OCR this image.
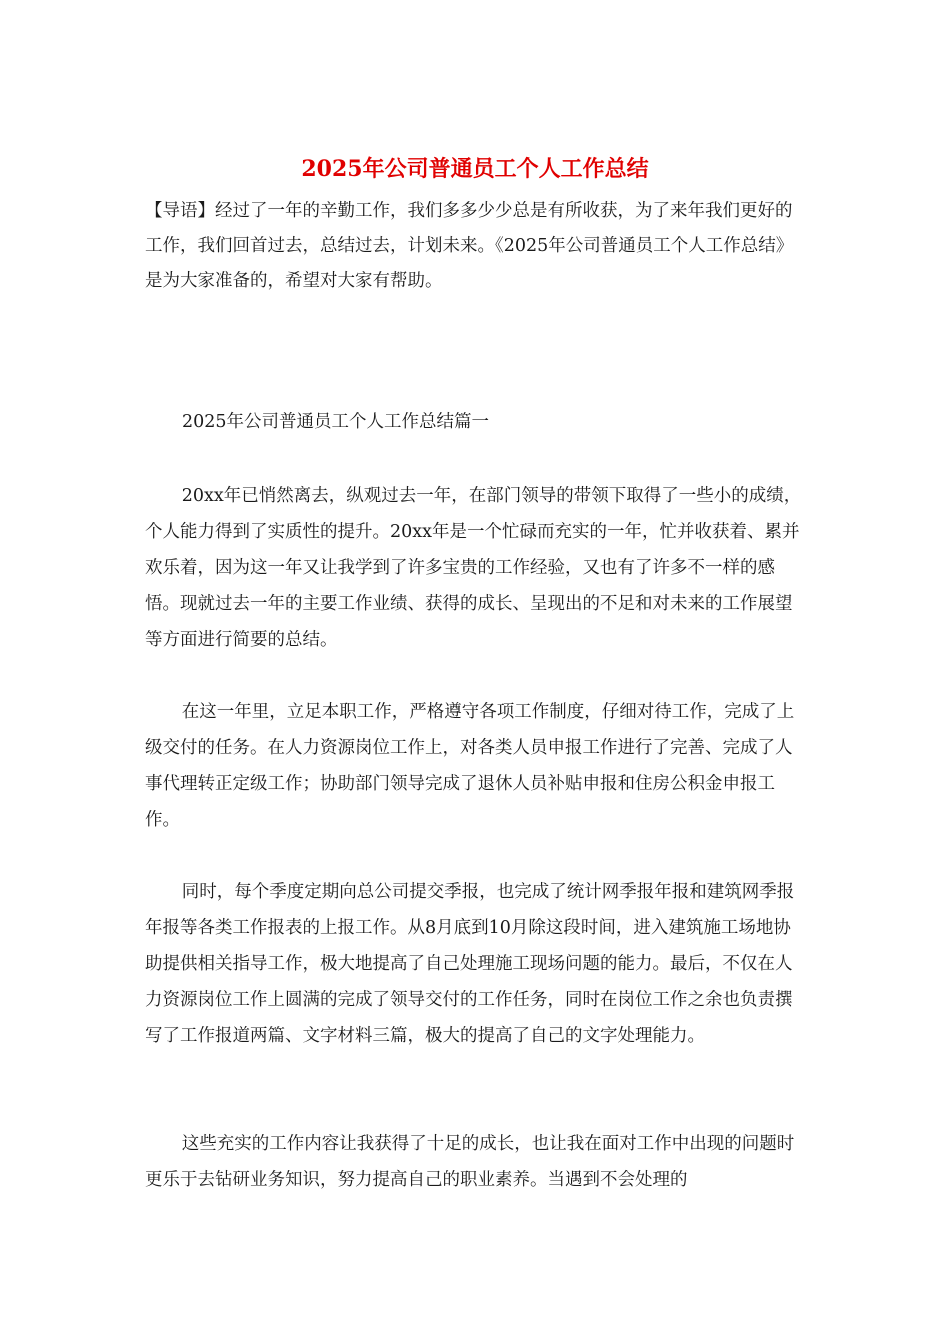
2025年公司普通员工个人工作总结

【导语】经过了一年的辛勤工作，我们多多少少总是有所收获，为了来年我们更好的工作，我们回首过去，总结过去，计划未来。《2025年公司普通员工个人工作总结》是为大家准备的，希望对大家有帮助。

2025年公司普通员工个人工作总结篇一

20xx年已悄然离去，纵观过去一年，在部门领导的带领下取得了一些小的成绩，个人能力得到了实质性的提升。20xx年是一个忙碌而充实的一年，忙并收获着、累并欢乐着，因为这一年又让我学到了许多宝贵的工作经验，又也有了许多不一样的感悟。现就过去一年的主要工作业绩、获得的成长、呈现出的不足和对未来的工作展望等方面进行简要的总结。

在这一年里，立足本职工作，严格遵守各项工作制度，仔细对待工作，完成了上级交付的任务。在人力资源岗位工作上，对各类人员申报工作进行了完善、完成了人事代理转正定级工作；协助部门领导完成了退休人员补贴申报和住房公积金申报工作。

同时，每个季度定期向总公司提交季报，也完成了统计网季报年报和建筑网季报年报等各类工作报表的上报工作。从8月底到10月除这段时间，进入建筑施工场地协助提供相关指导工作，极大地提高了自己处理施工现场问题的能力。最后，不仅在人力资源岗位工作上圆满的完成了领导交付的工作任务，同时在岗位工作之余也负责撰写了工作报道两篇、文字材料三篇，极大的提高了自己的文字处理能力。

这些充实的工作内容让我获得了十足的成长，也让我在面对工作中出现的问题时更乐于去钻研业务知识，努力提高自己的职业素养。当遇到不会处理的
